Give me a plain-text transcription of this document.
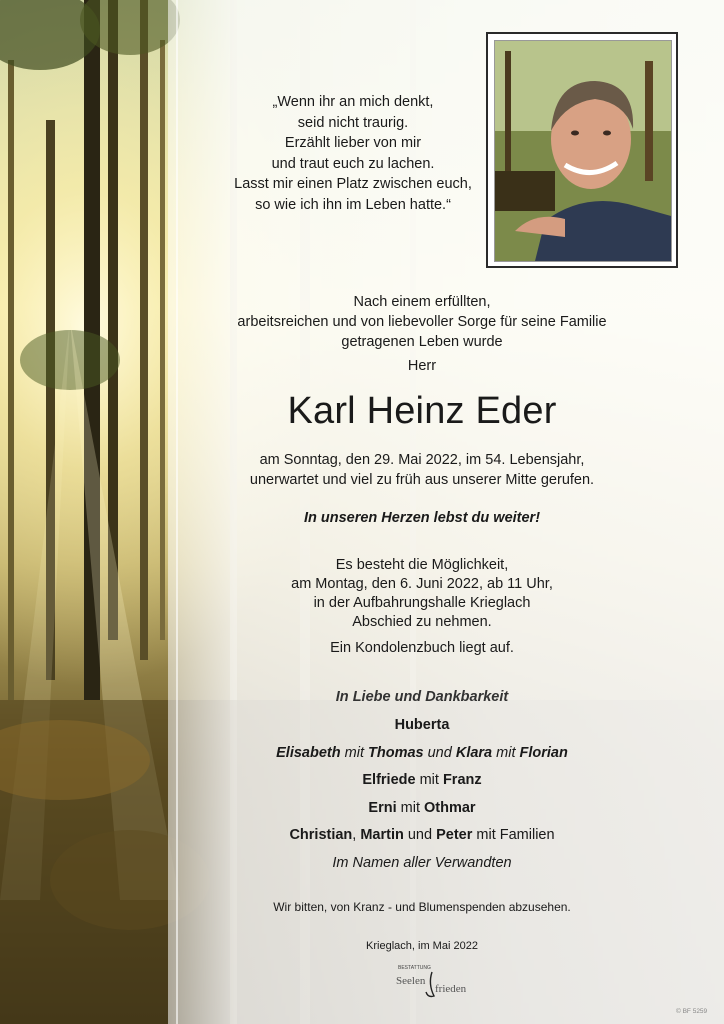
„Wenn ihr an mich denkt,
seid nicht traurig.
Erzählt lieber von mir
und traut euch zu lachen.
Lasst mir einen Platz zwischen euch,
so wie ich ihn im Leben hatte.“
Nach einem erfüllten,
arbeitsreichen und von liebevoller Sorge für seine Familie
getragenen Leben wurde
Herr
Karl Heinz Eder
am Sonntag, den 29. Mai 2022, im 54. Lebensjahr,
unerwartet und viel zu früh aus unserer Mitte gerufen.
In unseren Herzen lebst du weiter!
Es besteht die Möglichkeit,
am Montag, den 6. Juni 2022, ab 11 Uhr,
in der Aufbahrungshalle Krieglach
Abschied zu nehmen.
Ein Kondolenzbuch liegt auf.
In Liebe und Dankbarkeit
Huberta
Elisabeth mit Thomas und Klara mit Florian
Elfriede mit Franz
Erni mit Othmar
Christian, Martin und Peter mit Familien
Im Namen aller Verwandten
Wir bitten, von Kranz - und Blumenspenden abzusehen.
Krieglach, im Mai 2022
BESTATTUNG
Seelen
frieden
© BF 5259
